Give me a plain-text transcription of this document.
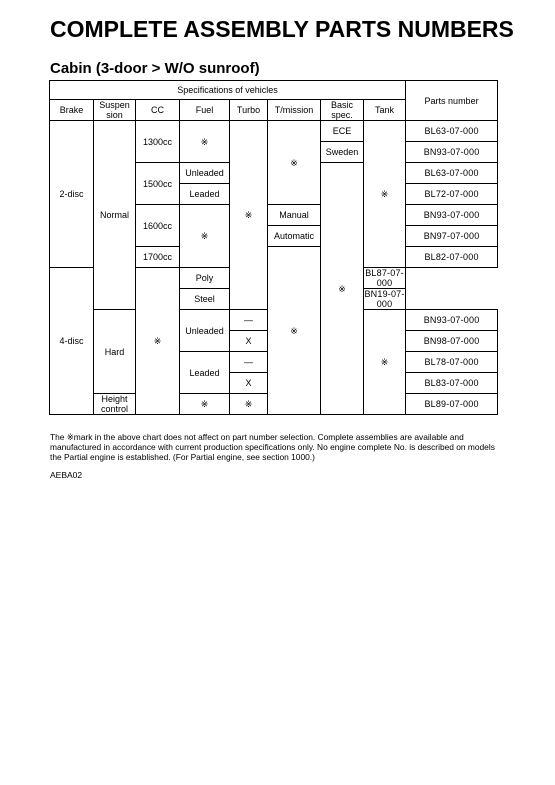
COMPLETE ASSEMBLY PARTS NUMBERS
Cabin (3-door > W/O sunroof)
Specifications of vehicles								Parts number
Brake	Suspen sion	CC	Fuel	Turbo	T/mission	Basic spec.	Tank	
2-disc	Normal	1300cc	※	※	※	ECE	※	BL63-07-000
						Sweden		BN93-07-000
		1500cc	Unleaded			※		BL63-07-000
			Leaded					BL72-07-000
		1600cc	※		Manual			BN93-07-000
					Automatic			BN97-07-000
		1700cc			※			BL82-07-000
4-disc		※	Poly				BL87-07-000	
			Steel				BN19-07-000	
	Hard		Unleaded	—			※	BN93-07-000
				X				BN98-07-000
			Leaded	—				BL78-07-000
				X				BL83-07-000
	Height control		※	※				BL89-07-000
The ※mark in the above chart does not affect on part number selection. Complete assemblies are available and manufactured in accordance with current production specifications only. No engine complete No. is described on models the Partial engine is established. (For Partial engine, see section 1000.)
AEBA02
